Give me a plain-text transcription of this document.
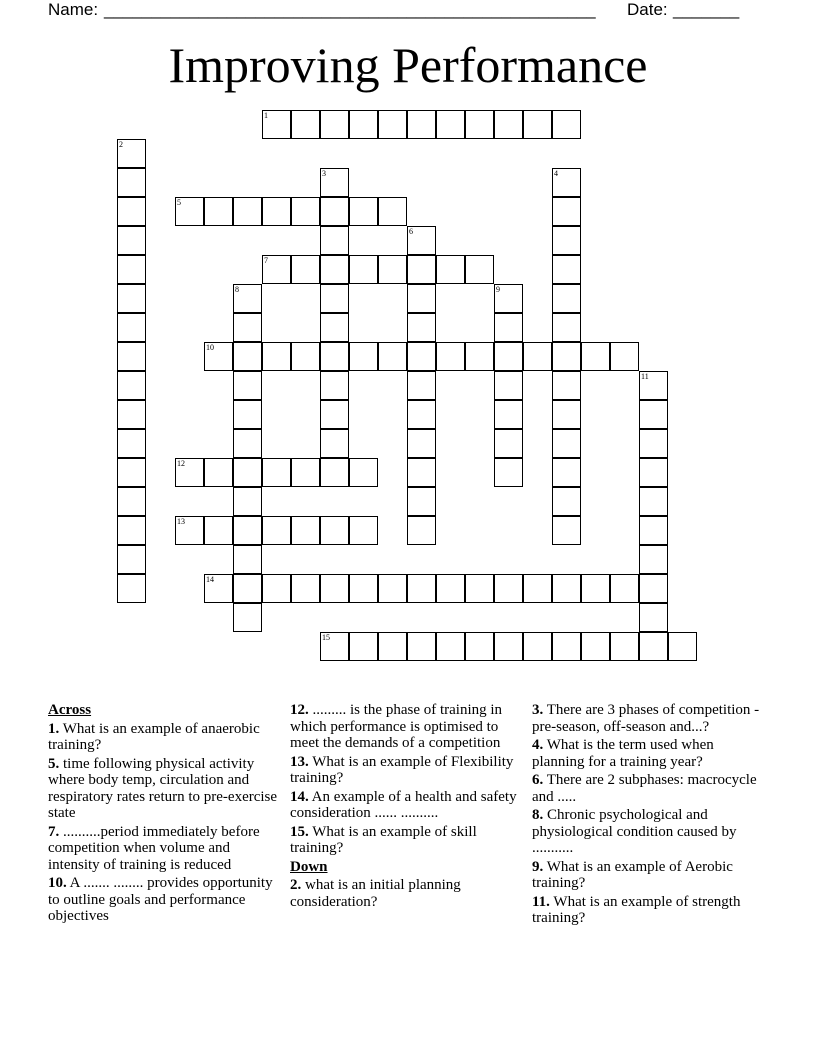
Name: ____________________________________________________ Date: _______
Improving Performance
1
5
7
10
12
13
14
15
2
3	4
6
8	9
11
Across
1. What is an example of anaerobic training?
5. time following physical activity where body temp, circulation and respiratory rates return to pre-exercise state
7. ..........period immediately before competition when volume and intensity of training is reduced
10. A ....... ........ provides opportunity to outline goals and performance objectives
12. ......... is the phase of training in which performance is optimised to meet the demands of a competition
13. What is an example of Flexibility training?
14. An example of a health and safety consideration ...... ..........
15. What is an example of skill training?
Down
2. what is an initial planning consideration?
3. There are 3 phases of competition - pre-season, off-season and...?
4. What is the term used when planning for a training year?
6. There are 2 subphases: macrocycle and .....
8. Chronic psychological and physiological condition caused by ...........
9. What is an example of Aerobic training?
11. What is an example of strength training?
